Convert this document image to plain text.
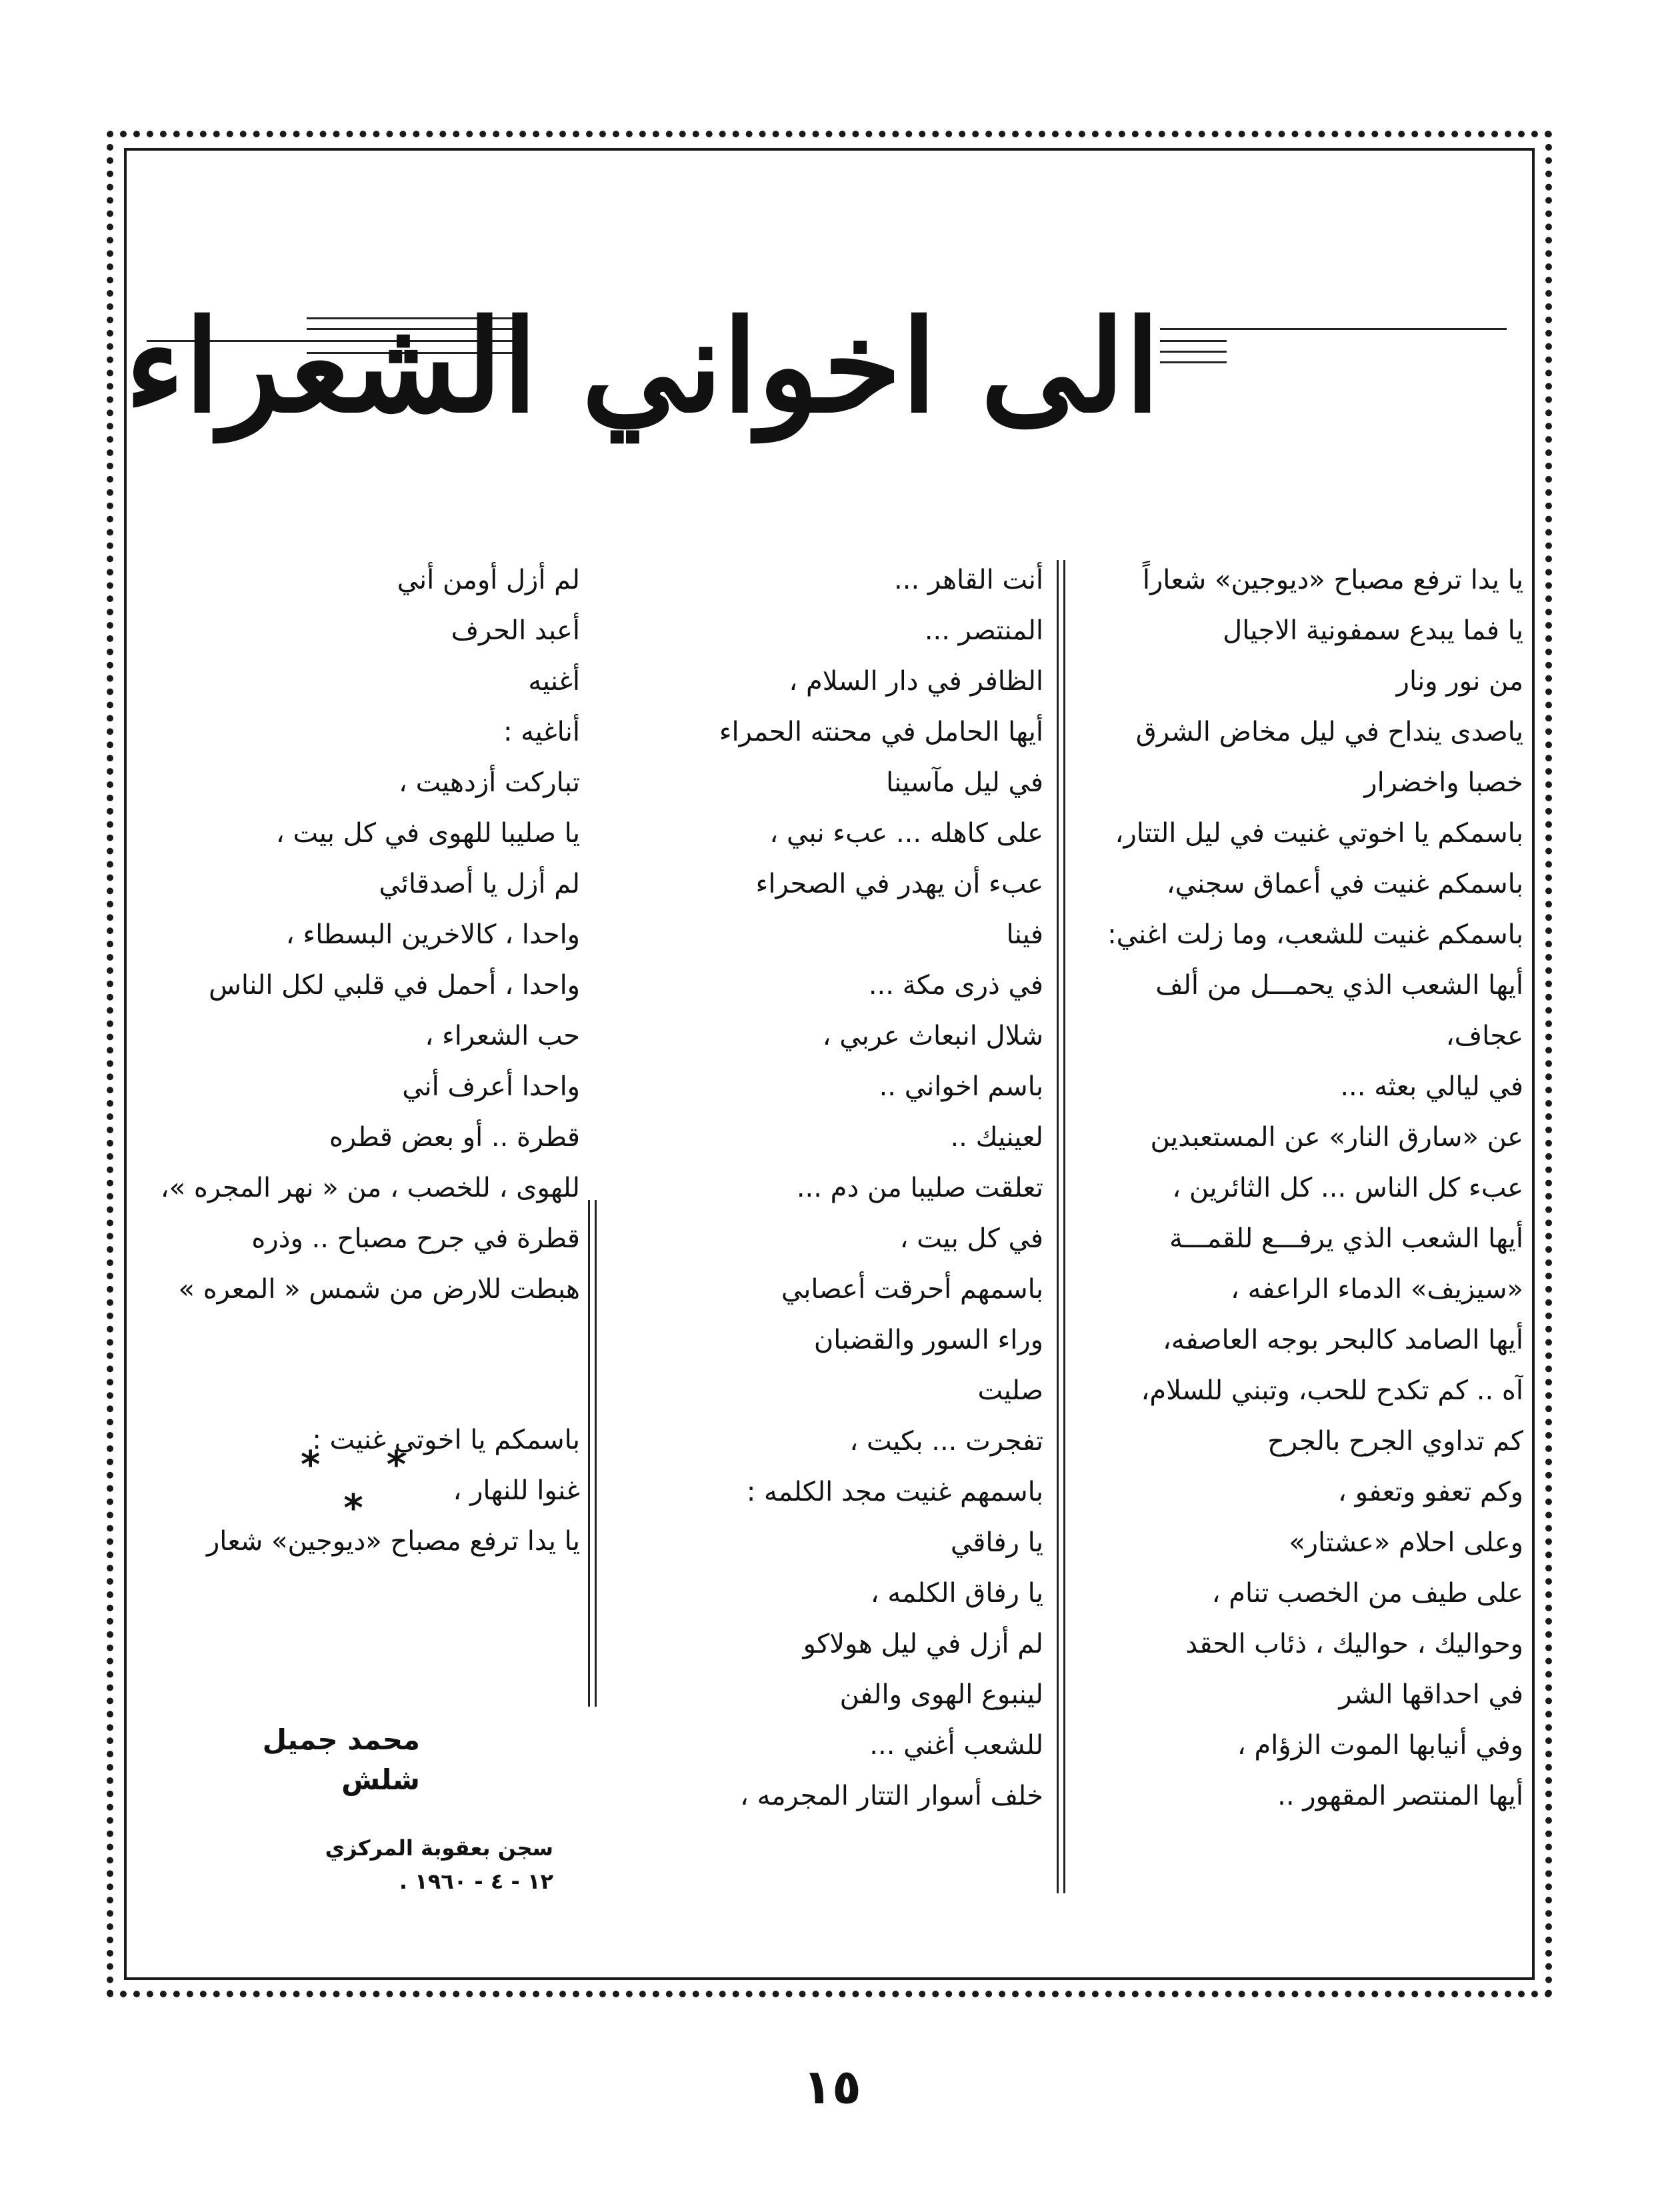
الى اخواني الشعراء
يا يدا ترفع مصباح «ديوجين» شعاراً
يا فما يبدع سمفونية الاجيال
من نور ونار
ياصدى ينداح في ليل مخاض الشرق
خصبا واخضرار
باسمكم يا اخوتي غنيت في ليل التتار،
باسمكم غنيت في أعماق سجني،
باسمكم غنيت للشعب، وما زلت اغني:
أيها الشعب الذي يحمـــل من ألف
عجاف،
في ليالي بعثه ...
عن «سارق النار» عن المستعبدين
عبء كل الناس ... كل الثائرين ،
أيها الشعب الذي يرفـــع للقمـــة
«سيزيف» الدماء الراعفه ،
أيها الصامد كالبحر بوجه العاصفه،
آه .. كم تكدح للحب، وتبني للسلام،
كم تداوي الجرح بالجرح
وكم تعفو وتعفو ،
وعلى احلام «عشتار»
على طيف من الخصب تنام ،
وحواليك ، حواليك ، ذئاب الحقد
في احداقها الشر
وفي أنيابها الموت الزؤام ،
أيها المنتصر المقهور ..
أنت القاهر ...
المنتصر ...
الظافر في دار السلام ،
أيها الحامل في محنته الحمراء
في ليل مآسينا
على كاهله ... عبء نبي ،
عبء أن يهدر في الصحراء
فينا
في ذرى مكة ...
شلال انبعاث عربي ،
باسم اخواني ..
لعينيك ..
تعلقت صليبا من دم ...
في كل بيت ،
باسمهم أحرقت أعصابي
وراء السور والقضبان
صليت
تفجرت ... بكيت ،
باسمهم غنيت مجد الكلمه :
يا رفاقي
يا رفاق الكلمه ،
لم أزل في ليل هولاكو
لينبوع الهوى والفن
للشعب أغني ...
خلف أسوار التتار المجرمه ،
لم أزل أومن أني
أعبد الحرف
أغنيه
أناغيه :
تباركت أزدهيت ،
يا صليبا للهوى في كل بيت ،
لم أزل يا أصدقائي
واحدا ، كالاخرين البسطاء ،
واحدا ، أحمل في قلبي لكل الناس
حب الشعراء ،
واحدا أعرف أني
قطرة .. أو بعض قطره
للهوى ، للخصب ، من « نهر المجره »،
قطرة في جرح مصباح .. وذره
هبطت للارض من شمس « المعره »
باسمكم يا اخوتي غنيت :
غنوا للنهار ،
يا يدا ترفع مصباح «ديوجين» شعار
* * *
محمد جميل شلش
سجن بعقوبة المركزي
١٢ - ٤ - ١٩٦٠ .
١٥
